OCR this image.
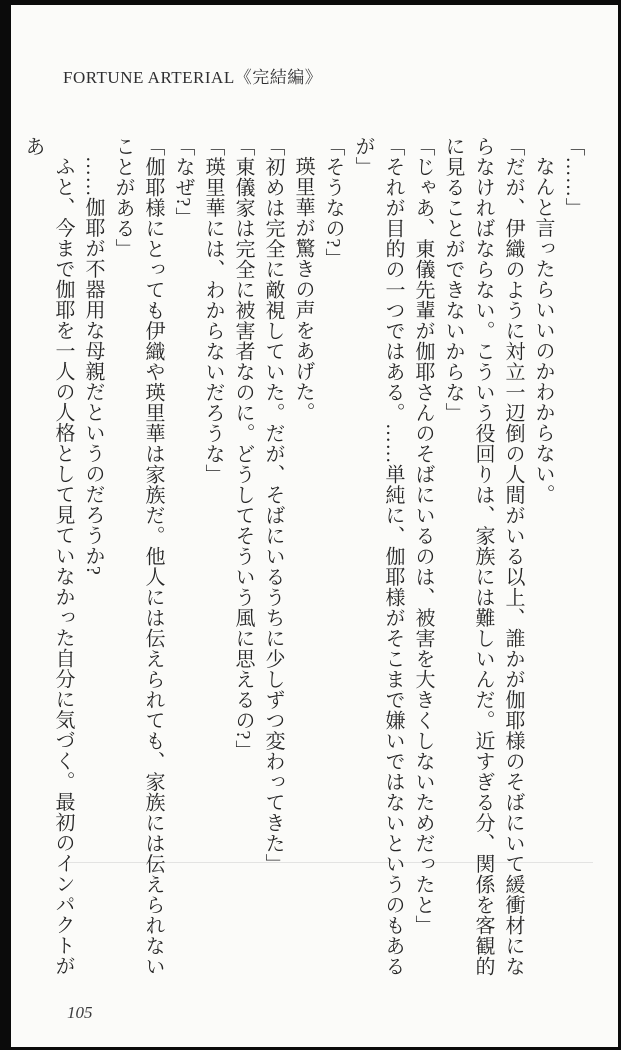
FORTUNE ARTERIAL《完結編》

「……」

なんと言ったらいいのかわからない。

「だが、伊織のように対立一辺倒の人間がいる以上、誰かが伽耶様のそばにいて緩衝材にならなければならない。こういう役回りは、家族には難しいんだ。近すぎる分、関係を客観的に見ることができないからな」

「じゃあ、東儀先輩が伽耶さんのそばにいるのは、被害を大きくしないためだったと」

「それが目的の一つではある。……単純に、伽耶様がそこまで嫌いではないというのもあるが」

「そうなの?」

瑛里華が驚きの声をあげた。

「初めは完全に敵視していた。だが、そばにいるうちに少しずつ変わってきた」

「東儀家は完全に被害者なのに。どうしてそういう風に思えるの?」

「瑛里華には、わからないだろうな」

「なぜ?」

「伽耶様にとっても伊織や瑛里華は家族だ。他人には伝えられても、家族には伝えられないことがある」

……伽耶が不器用な母親だというのだろうか?

ふと、今まで伽耶を一人の人格として見ていなかった自分に気づく。最初のインパクトがあ

105
